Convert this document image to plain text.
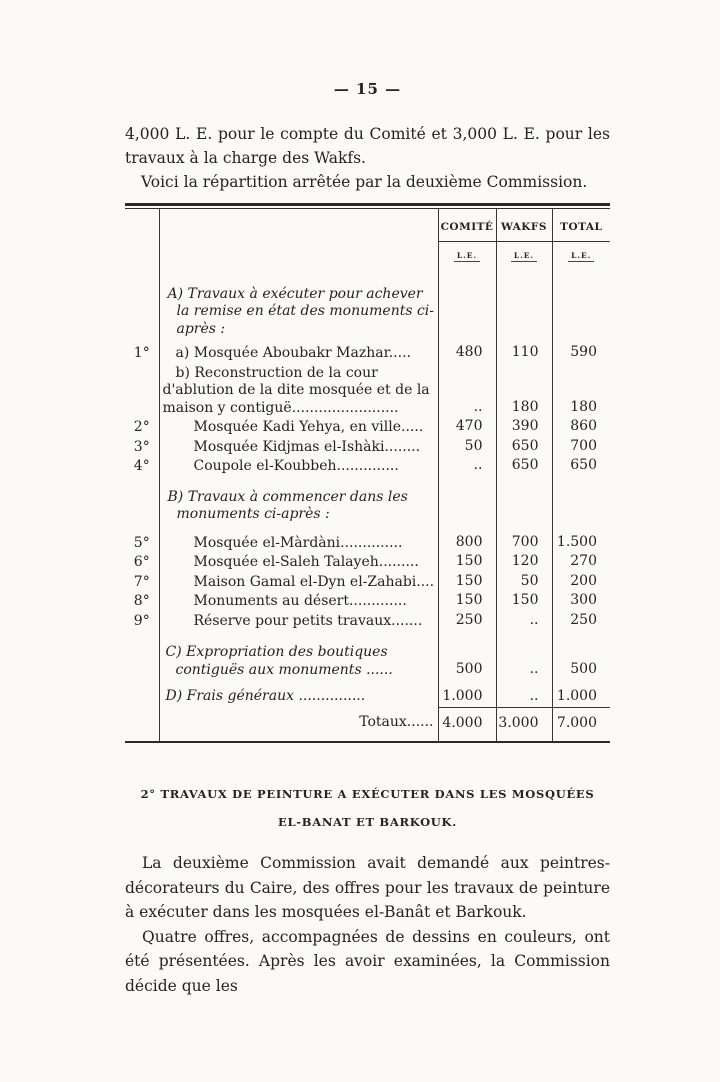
— 15 —

4,000 L. E. pour le compte du Comité et 3,000 L. E. pour les travaux à la charge des Wakfs.

Voici la répartition arrêtée par la deuxième Commission.

		COMITÉ	WAKFS	TOTAL
		L.E.	L.E.	L.E.
	A) Travaux à exécuter pour achever la remise en état des monuments ci-après :			
1°	a) Mosquée Aboubakr Mazhar.....	480	110	590
	b) Reconstruction de la cour d'ablution de la dite mosquée et de la maison y contiguë........................	..	180	180
2°	Mosquée Kadi Yehya, en ville.....	470	390	860
3°	Mosquée Kidjmas el-Ishàki........	50	650	700
4°	Coupole el-Koubbeh..............	..	650	650
	B) Travaux à commencer dans les monuments ci-après :			
5°	Mosquée el-Màrdàni..............	800	700	1.500
6°	Mosquée el-Saleh Talayeh.........	150	120	270
7°	Maison Gamal el-Dyn el-Zahabi....	150	50	200
8°	Monuments au désert.............	150	150	300
9°	Réserve pour petits travaux.......	250	..	250
	C) Expropriation des boutiques contiguës aux monuments ......	500	..	500
	D) Frais généraux ...............	1.000	..	1.000
	Totaux......	4.000	3.000	7.000
2° TRAVAUX DE PEINTURE A EXÉCUTER DANS LES MOSQUÉES
EL-BANAT ET BARKOUK.

La deuxième Commission avait demandé aux peintres-décorateurs du Caire, des offres pour les travaux de peinture à exécuter dans les mosquées el-Banât et Barkouk.

Quatre offres, accompagnées de dessins en couleurs, ont été présentées. Après les avoir examinées, la Commission décide que les
